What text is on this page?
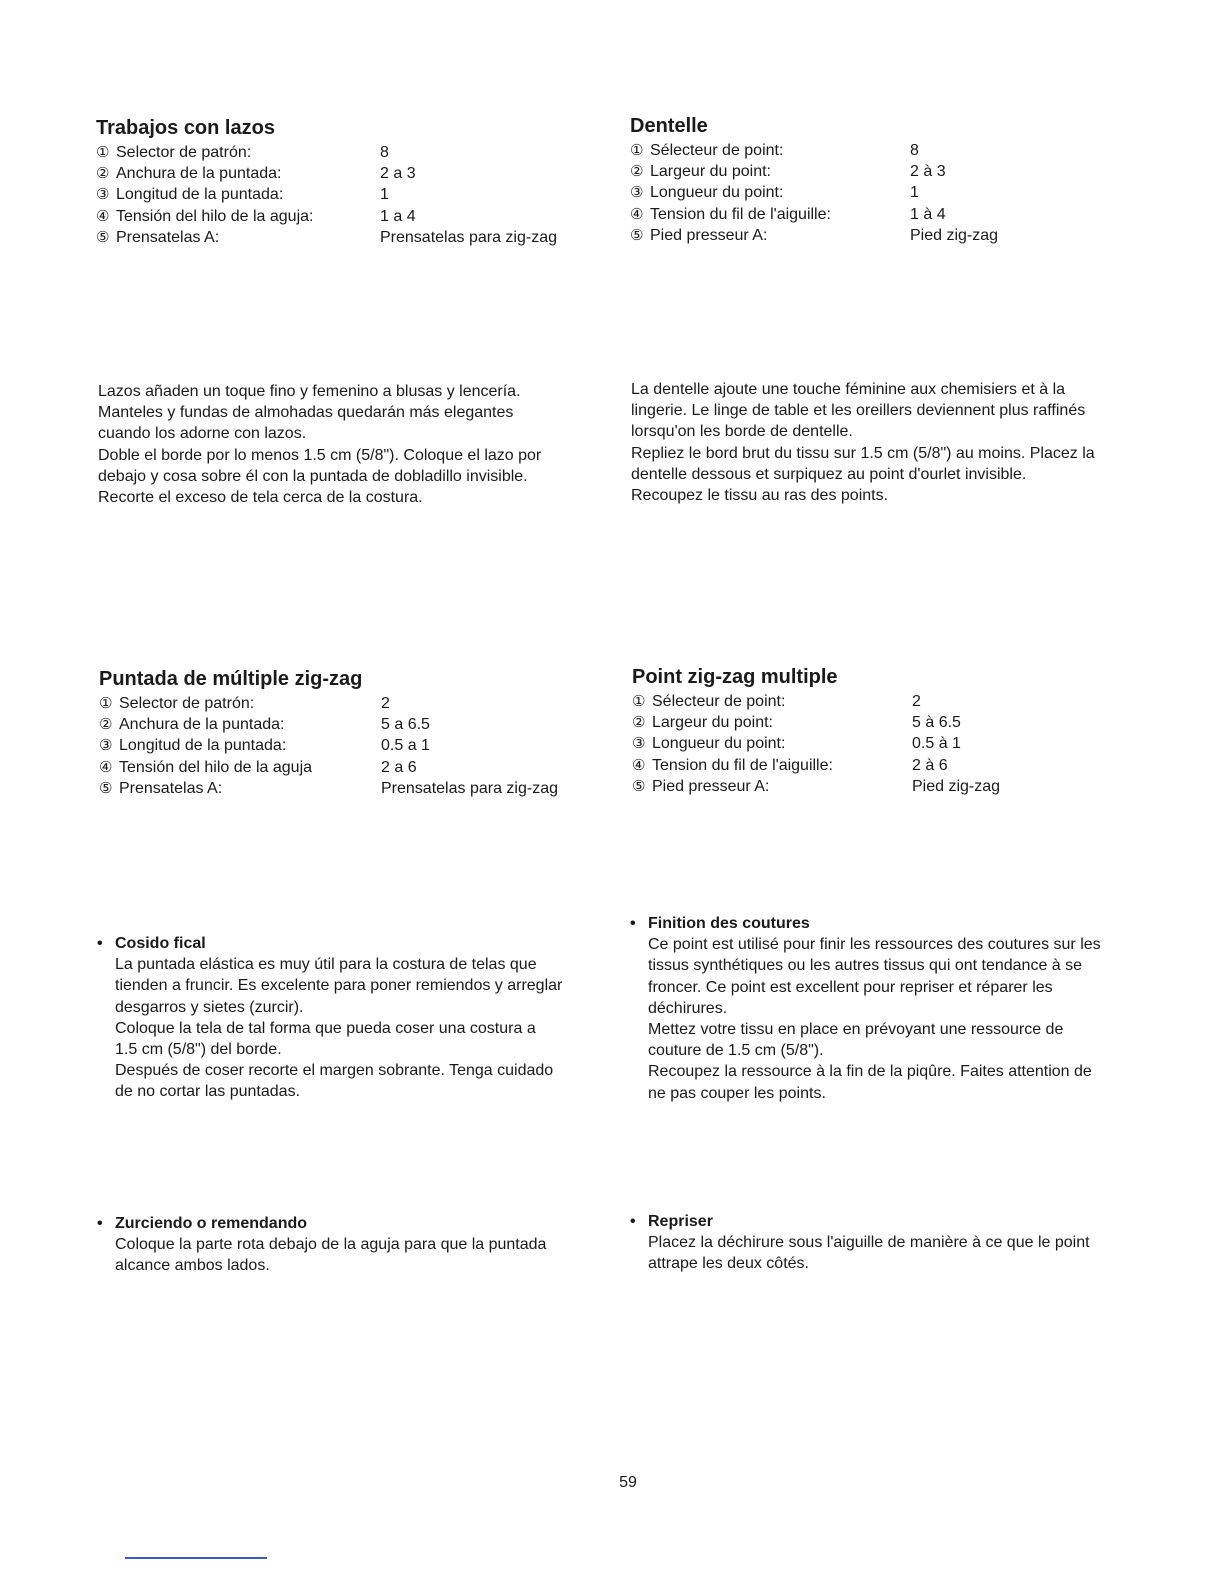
Trabajos con lazos
① Selector de patrón:	8
② Anchura de la puntada:	2 a 3
③ Longitud de la puntada:	1
④ Tensión del hilo de la aguja:	1 a 4
⑤ Prensatelas A:	Prensatelas para zig-zag
Dentelle
① Sélecteur de point:	8
② Largeur du point:	2 à 3
③ Longueur du point:	1
④ Tension du fil de l'aiguille:	1 à 4
⑤ Pied presseur A:	Pied zig-zag
Lazos añaden un toque fino y femenino a blusas y lencería.
Manteles y fundas de almohadas quedarán más elegantes
cuando los adorne con lazos.
Doble el borde por lo menos 1.5 cm (5/8"). Coloque el lazo por
debajo y cosa sobre él con la puntada de dobladillo invisible.
Recorte el exceso de tela cerca de la costura.
La dentelle ajoute une touche féminine aux chemisiers et à la
lingerie. Le linge de table et les oreillers deviennent plus raffinés
lorsqu'on les borde de dentelle.
Repliez le bord brut du tissu sur 1.5 cm (5/8") au moins. Placez la
dentelle dessous et surpiquez au point d'ourlet invisible.
Recoupez le tissu au ras des points.
Puntada de múltiple zig-zag
① Selector de patrón:	2
② Anchura de la puntada:	5 a 6.5
③ Longitud de la puntada:	0.5 a 1
④ Tensión del hilo de la aguja	2 a 6
⑤ Prensatelas A:	Prensatelas para zig-zag
Point zig-zag multiple
① Sélecteur de point:	2
② Largeur du point:	5 à 6.5
③ Longueur du point:	0.5 à 1
④ Tension du fil de l'aiguille:	2 à 6
⑤ Pied presseur A:	Pied zig-zag
• Cosido fical
La puntada elástica es muy útil para la costura de telas que
tienden a fruncir. Es excelente para poner remiendos y arreglar
desgarros y sietes (zurcir).
Coloque la tela de tal forma que pueda coser una costura a
1.5 cm (5/8") del borde.
Después de coser recorte el margen sobrante. Tenga cuidado
de no cortar las puntadas.
• Finition des coutures
Ce point est utilisé pour finir les ressources des coutures sur les
tissus synthétiques ou les autres tissus qui ont tendance à se
froncer. Ce point est excellent pour repriser et réparer les
déchirures.
Mettez votre tissu en place en prévoyant une ressource de
couture de 1.5 cm (5/8").
Recoupez la ressource à la fin de la piqûre. Faites attention de
ne pas couper les points.
• Zurciendo o remendando
Coloque la parte rota debajo de la aguja para que la puntada
alcance ambos lados.
• Repriser
Placez la déchirure sous l'aiguille de manière à ce que le point
attrape les deux côtés.
59
